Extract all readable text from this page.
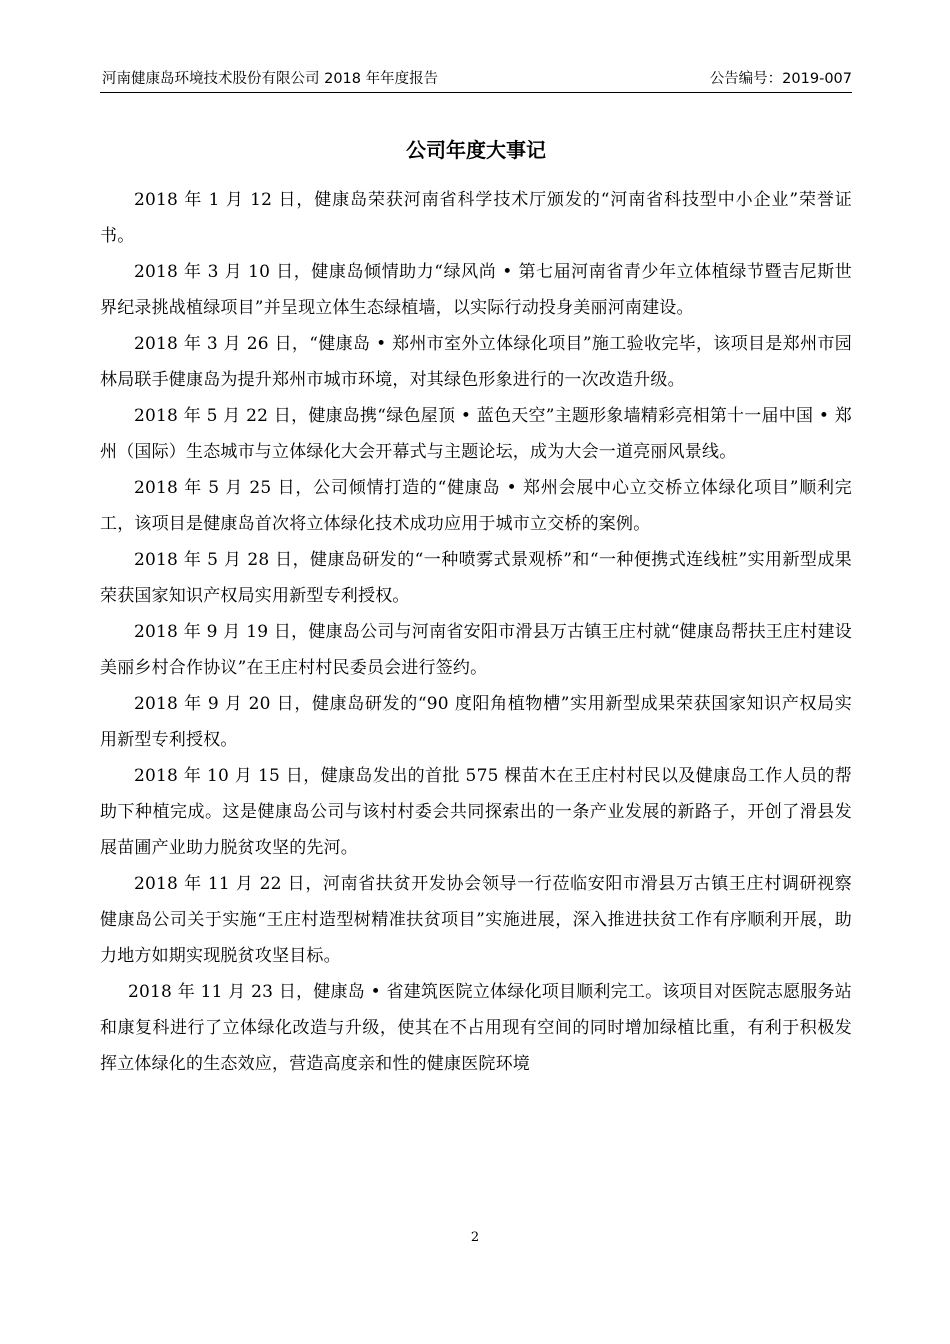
河南健康岛环境技术股份有限公司 2018 年年度报告	公告编号：2019-007
公司年度大事记

2018 年 1 月 12 日，健康岛荣获河南省科学技术厅颁发的“河南省科技型中小企业”荣誉证书。

2018 年 3 月 10 日，健康岛倾情助力“绿风尚 • 第七届河南省青少年立体植绿节暨吉尼斯世界纪录挑战植绿项目”并呈现立体生态绿植墙，以实际行动投身美丽河南建设。

2018 年 3 月 26 日，“健康岛 • 郑州市室外立体绿化项目”施工验收完毕，该项目是郑州市园林局联手健康岛为提升郑州市城市环境，对其绿色形象进行的一次改造升级。

2018 年 5 月 22 日，健康岛携“绿色屋顶 • 蓝色天空”主题形象墙精彩亮相第十一届中国 • 郑州（国际）生态城市与立体绿化大会开幕式与主题论坛，成为大会一道亮丽风景线。

2018 年 5 月 25 日，公司倾情打造的“健康岛 • 郑州会展中心立交桥立体绿化项目”顺利完工，该项目是健康岛首次将立体绿化技术成功应用于城市立交桥的案例。

2018 年 5 月 28 日，健康岛研发的“一种喷雾式景观桥”和“一种便携式连线桩”实用新型成果荣获国家知识产权局实用新型专利授权。

2018 年 9 月 19 日，健康岛公司与河南省安阳市滑县万古镇王庄村就“健康岛帮扶王庄村建设美丽乡村合作协议”在王庄村村民委员会进行签约。

2018 年 9 月 20 日，健康岛研发的“90 度阳角植物槽”实用新型成果荣获国家知识产权局实用新型专利授权。

2018 年 10 月 15 日，健康岛发出的首批 575 棵苗木在王庄村村民以及健康岛工作人员的帮助下种植完成。这是健康岛公司与该村村委会共同探索出的一条产业发展的新路子，开创了滑县发展苗圃产业助力脱贫攻坚的先河。

2018 年 11 月 22 日，河南省扶贫开发协会领导一行莅临安阳市滑县万古镇王庄村调研视察健康岛公司关于实施“王庄村造型树精准扶贫项目”实施进展，深入推进扶贫工作有序顺利开展，助力地方如期实现脱贫攻坚目标。

2018 年 11 月 23 日，健康岛 • 省建筑医院立体绿化项目顺利完工。该项目对医院志愿服务站和康复科进行了立体绿化改造与升级，使其在不占用现有空间的同时增加绿植比重，有利于积极发挥立体绿化的生态效应，营造高度亲和性的健康医院环境

2
